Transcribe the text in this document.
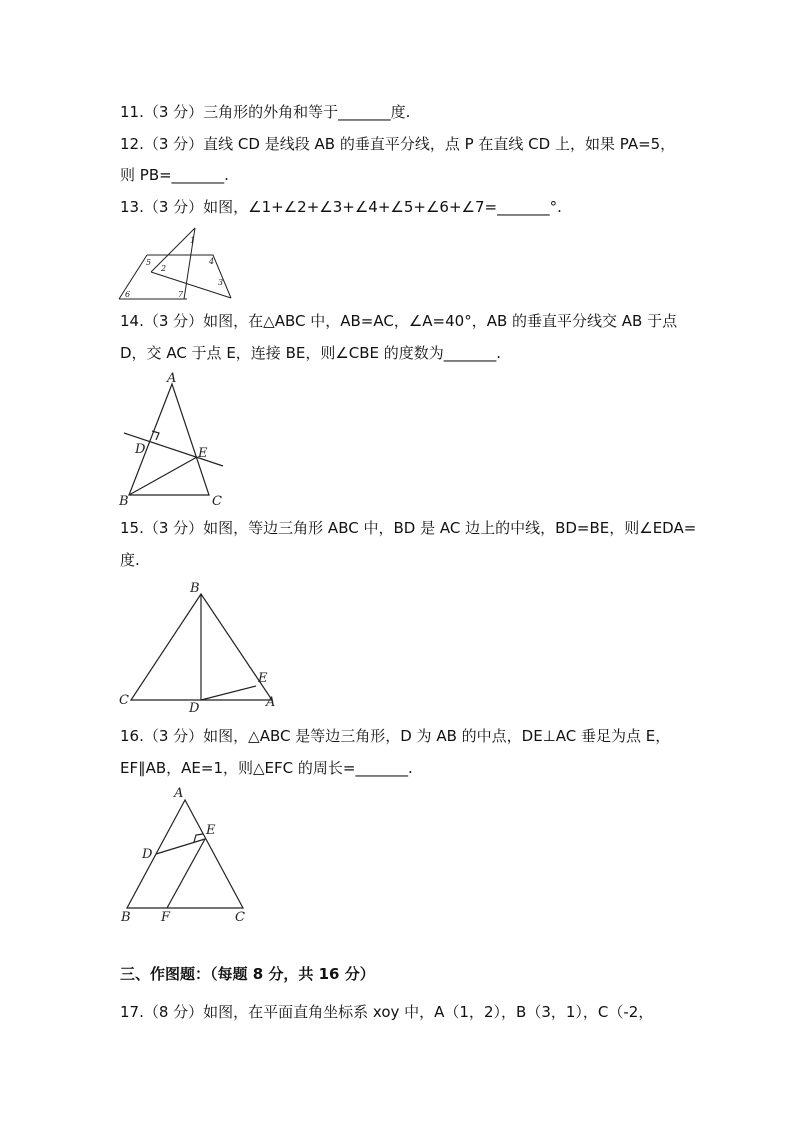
11.（3 分）三角形的外角和等于_______度.
12.（3 分）直线 CD 是线段 AB 的垂直平分线，点 P 在直线 CD 上，如果 PA=5，
则 PB=_______.
13.（3 分）如图，∠1+∠2+∠3+∠4+∠5+∠6+∠7=_______°.
1
2
3
4
5
6	7
14.（3 分）如图，在△ABC 中，AB=AC，∠A=40°，AB 的垂直平分线交 AB 于点
D，交 AC 于点 E，连接 BE，则∠CBE 的度数为_______.
A
B	C
D	E
15.（3 分）如图，等边三角形 ABC 中，BD 是 AC 边上的中线，BD=BE，则∠EDA=
度.
B
C
D
E
A
16.（3 分）如图，△ABC 是等边三角形，D 为 AB 的中点，DE⊥AC 垂足为点 E，
EF∥AB，AE=1，则△EFC 的周长=_______.
A
D
E
B F	C
三、作图题：（每题 8 分，共 16 分）
17.（8 分）如图，在平面直角坐标系 xoy 中，A（1，2），B（3，1），C（-2，
